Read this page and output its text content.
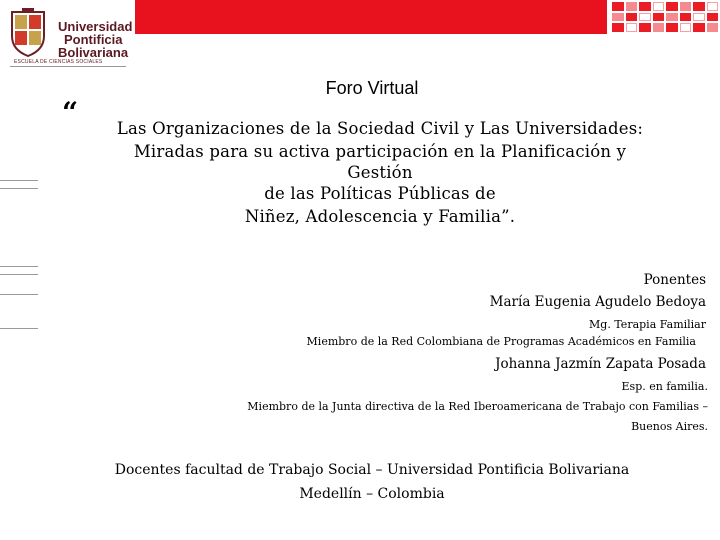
Universidad
Pontificia
Bolivariana
ESCUELA DE CIENCIAS SOCIALES
Foro Virtual
“	Las Organizaciones de la Sociedad Civil y Las Universidades:
Miradas para su activa participación en la Planificación y
Gestión
de las Políticas Públicas de
Niñez, Adolescencia y Familia”.
Ponentes
María Eugenia Agudelo Bedoya
Mg. Terapia Familiar
Miembro de la Red Colombiana de Programas Académicos en Familia
Johanna Jazmín Zapata Posada
Esp. en familia.
Miembro de la Junta directiva de la Red Iberoamericana de Trabajo con Familias –
Buenos Aires.
Docentes facultad de Trabajo Social – Universidad Pontificia Bolivariana
Medellín – Colombia
